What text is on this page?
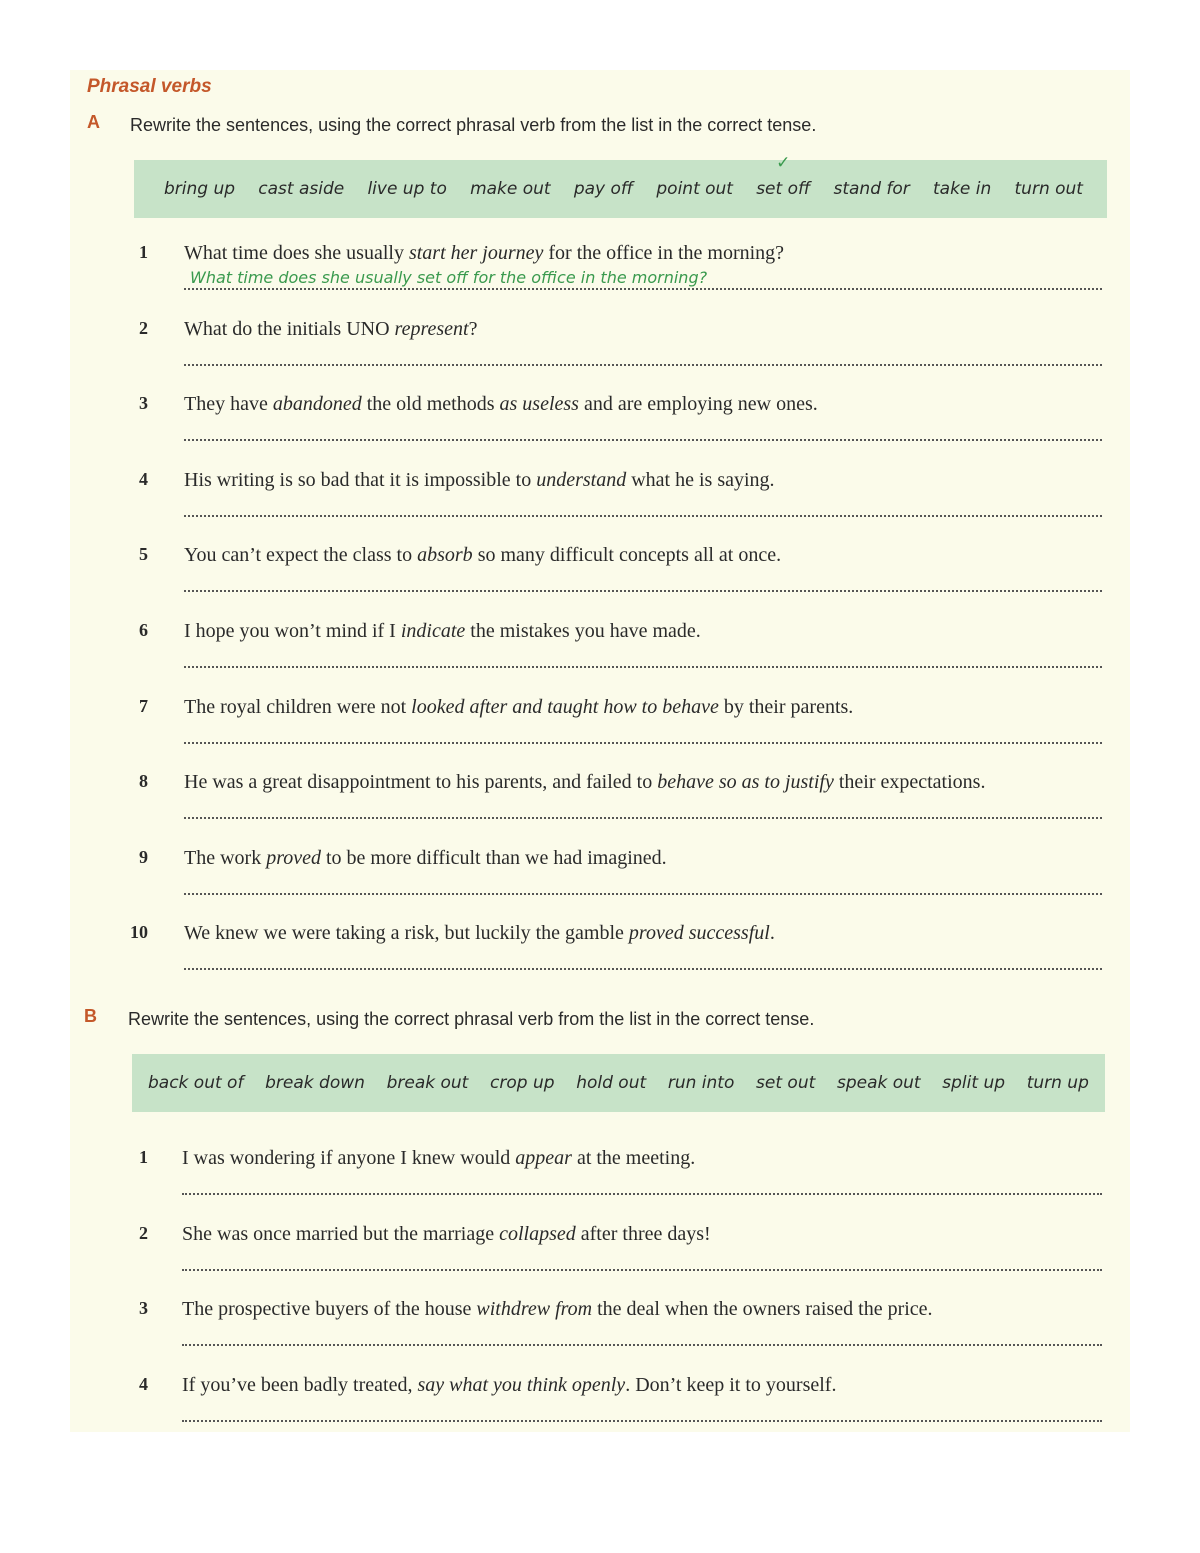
Phrasal verbs
A Rewrite the sentences, using the correct phrasal verb from the list in the correct tense.
bring up cast aside live up to make out pay off point out
✓
set off stand for take in turn out
1 What time does she usually start her journey for the office in the morning?
What time does she usually set off for the office in the morning?
2 What do the initials UNO represent?
3 They have abandoned the old methods as useless and are employing new ones.
4 His writing is so bad that it is impossible to understand what he is saying.
5 You can’t expect the class to absorb so many difficult concepts all at once.
6 I hope you won’t mind if I indicate the mistakes you have made.
7 The royal children were not looked after and taught how to behave by their parents.
8 He was a great disappointment to his parents, and failed to behave so as to justify their expectations.
9 The work proved to be more difficult than we had imagined.
10 We knew we were taking a risk, but luckily the gamble proved successful.
B Rewrite the sentences, using the correct phrasal verb from the list in the correct tense.
back out of break down break out crop up hold out run into set out speak out split up turn up
1 I was wondering if anyone I knew would appear at the meeting.
2 She was once married but the marriage collapsed after three days!
3 The prospective buyers of the house withdrew from the deal when the owners raised the price.
4 If you’ve been badly treated, say what you think openly. Don’t keep it to yourself.
